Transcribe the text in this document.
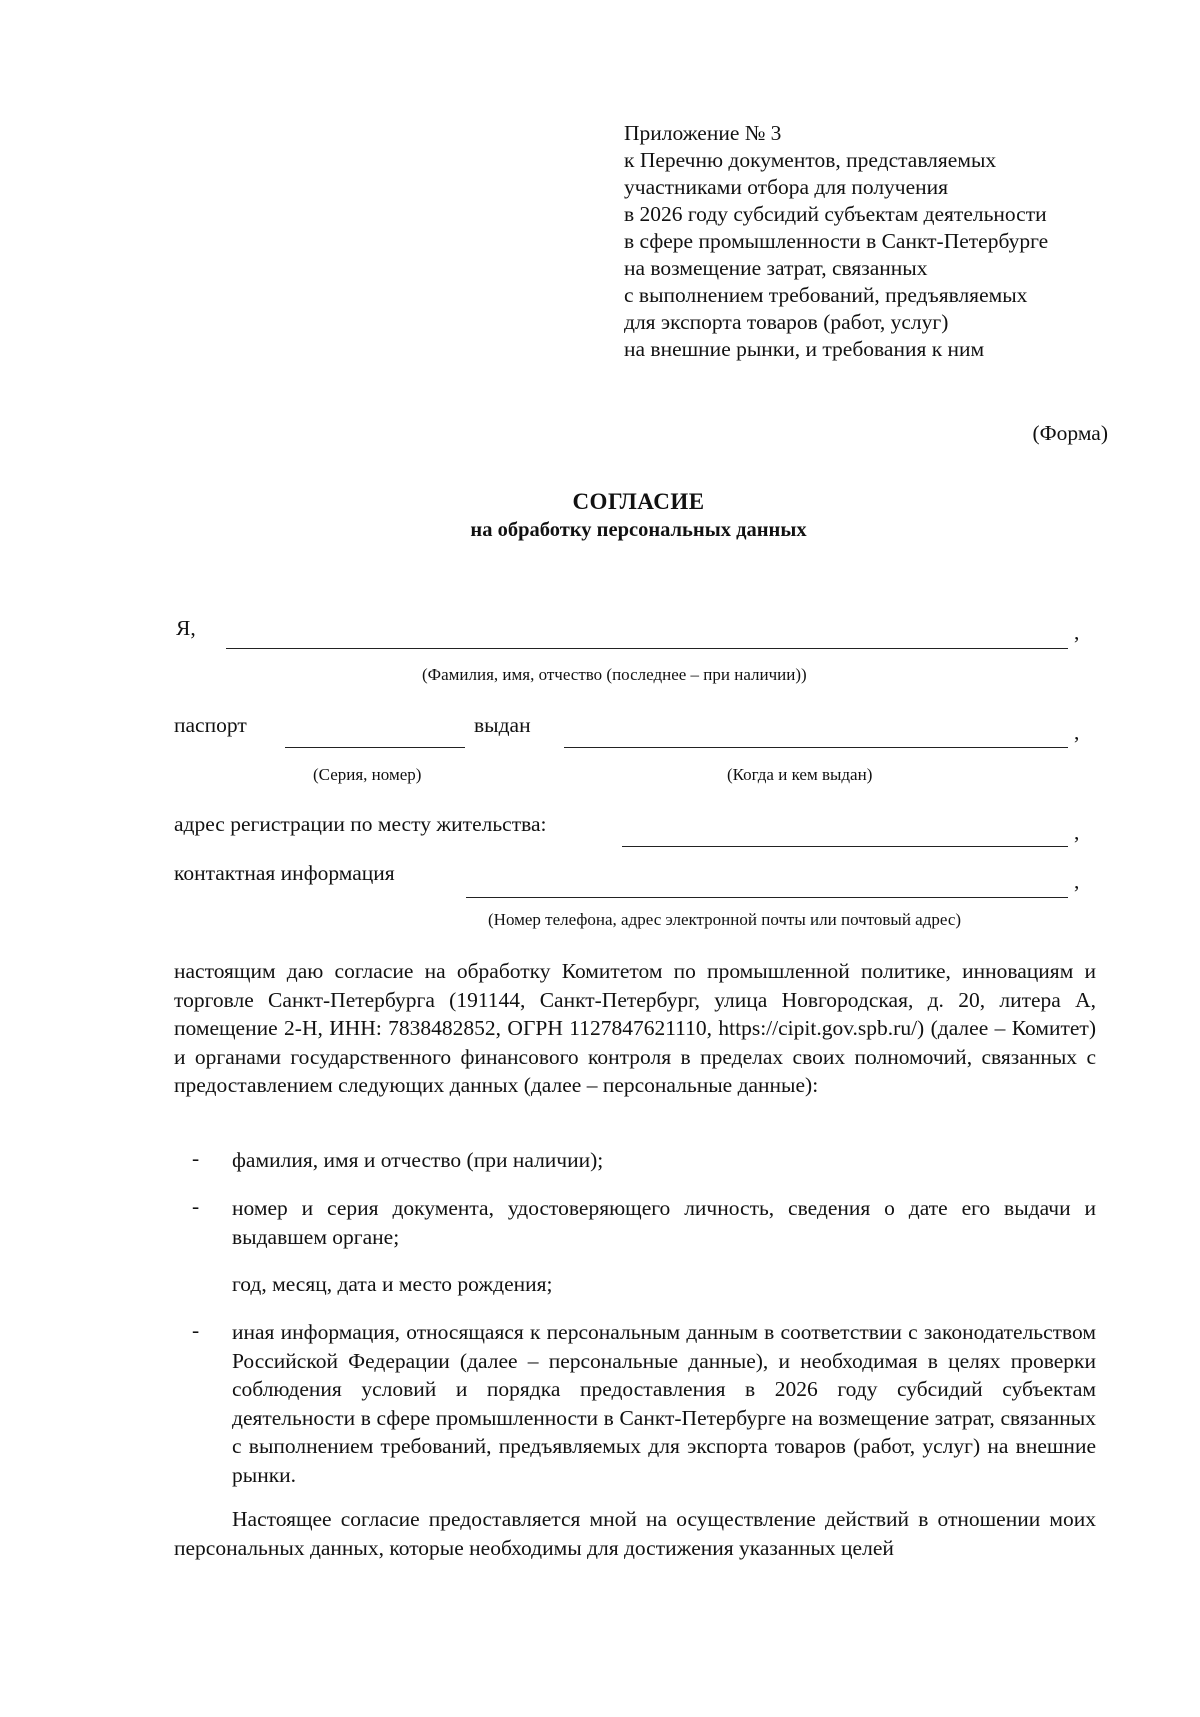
Приложение № 3
к Перечню документов, представляемых
участниками отбора для получения
в 2026 году субсидий субъектам деятельности
в сфере промышленности в Санкт-Петербурге
на возмещение затрат, связанных
с выполнением требований, предъявляемых
для экспорта товаров (работ, услуг)
на внешние рынки, и требования к ним
(Форма)
СОГЛАСИЕ
на обработку персональных данных
Я,	,
(Фамилия, имя, отчество (последнее – при наличии))
паспорт	выдан	,
(Серия, номер)	(Когда и кем выдан)
адрес регистрации по месту жительства:	,
контактная информация	,
(Номер телефона, адрес электронной почты или почтовый адрес)

настоящим даю согласие на обработку Комитетом по промышленной политике, инновациям и торговле Санкт-Петербурга (191144, Санкт-Петербург, улица Новгородская, д. 20, литера А, помещение 2-Н, ИНН: 7838482852, ОГРН 1127847621110, https://cipit.gov.spb.ru/) (далее – Комитет) и органами государственного финансового контроля в пределах своих полномочий, связанных с предоставлением следующих данных (далее – персональные данные):

- фамилия, имя и отчество (при наличии);

- номер и серия документа, удостоверяющего личность, сведения о дате его выдачи и выдавшем органе;

год, месяц, дата и место рождения;

- иная информация, относящаяся к персональным данным в соответствии с законодательством Российской Федерации (далее – персональные данные), и необходимая в целях проверки соблюдения условий и порядка предоставления в 2026 году субсидий субъектам деятельности в сфере промышленности в Санкт-Петербурге на возмещение затрат, связанных с выполнением требований, предъявляемых для экспорта товаров (работ, услуг) на внешние рынки.

Настоящее согласие предоставляется мной на осуществление действий в отношении моих персональных данных, которые необходимы для достижения указанных целей
